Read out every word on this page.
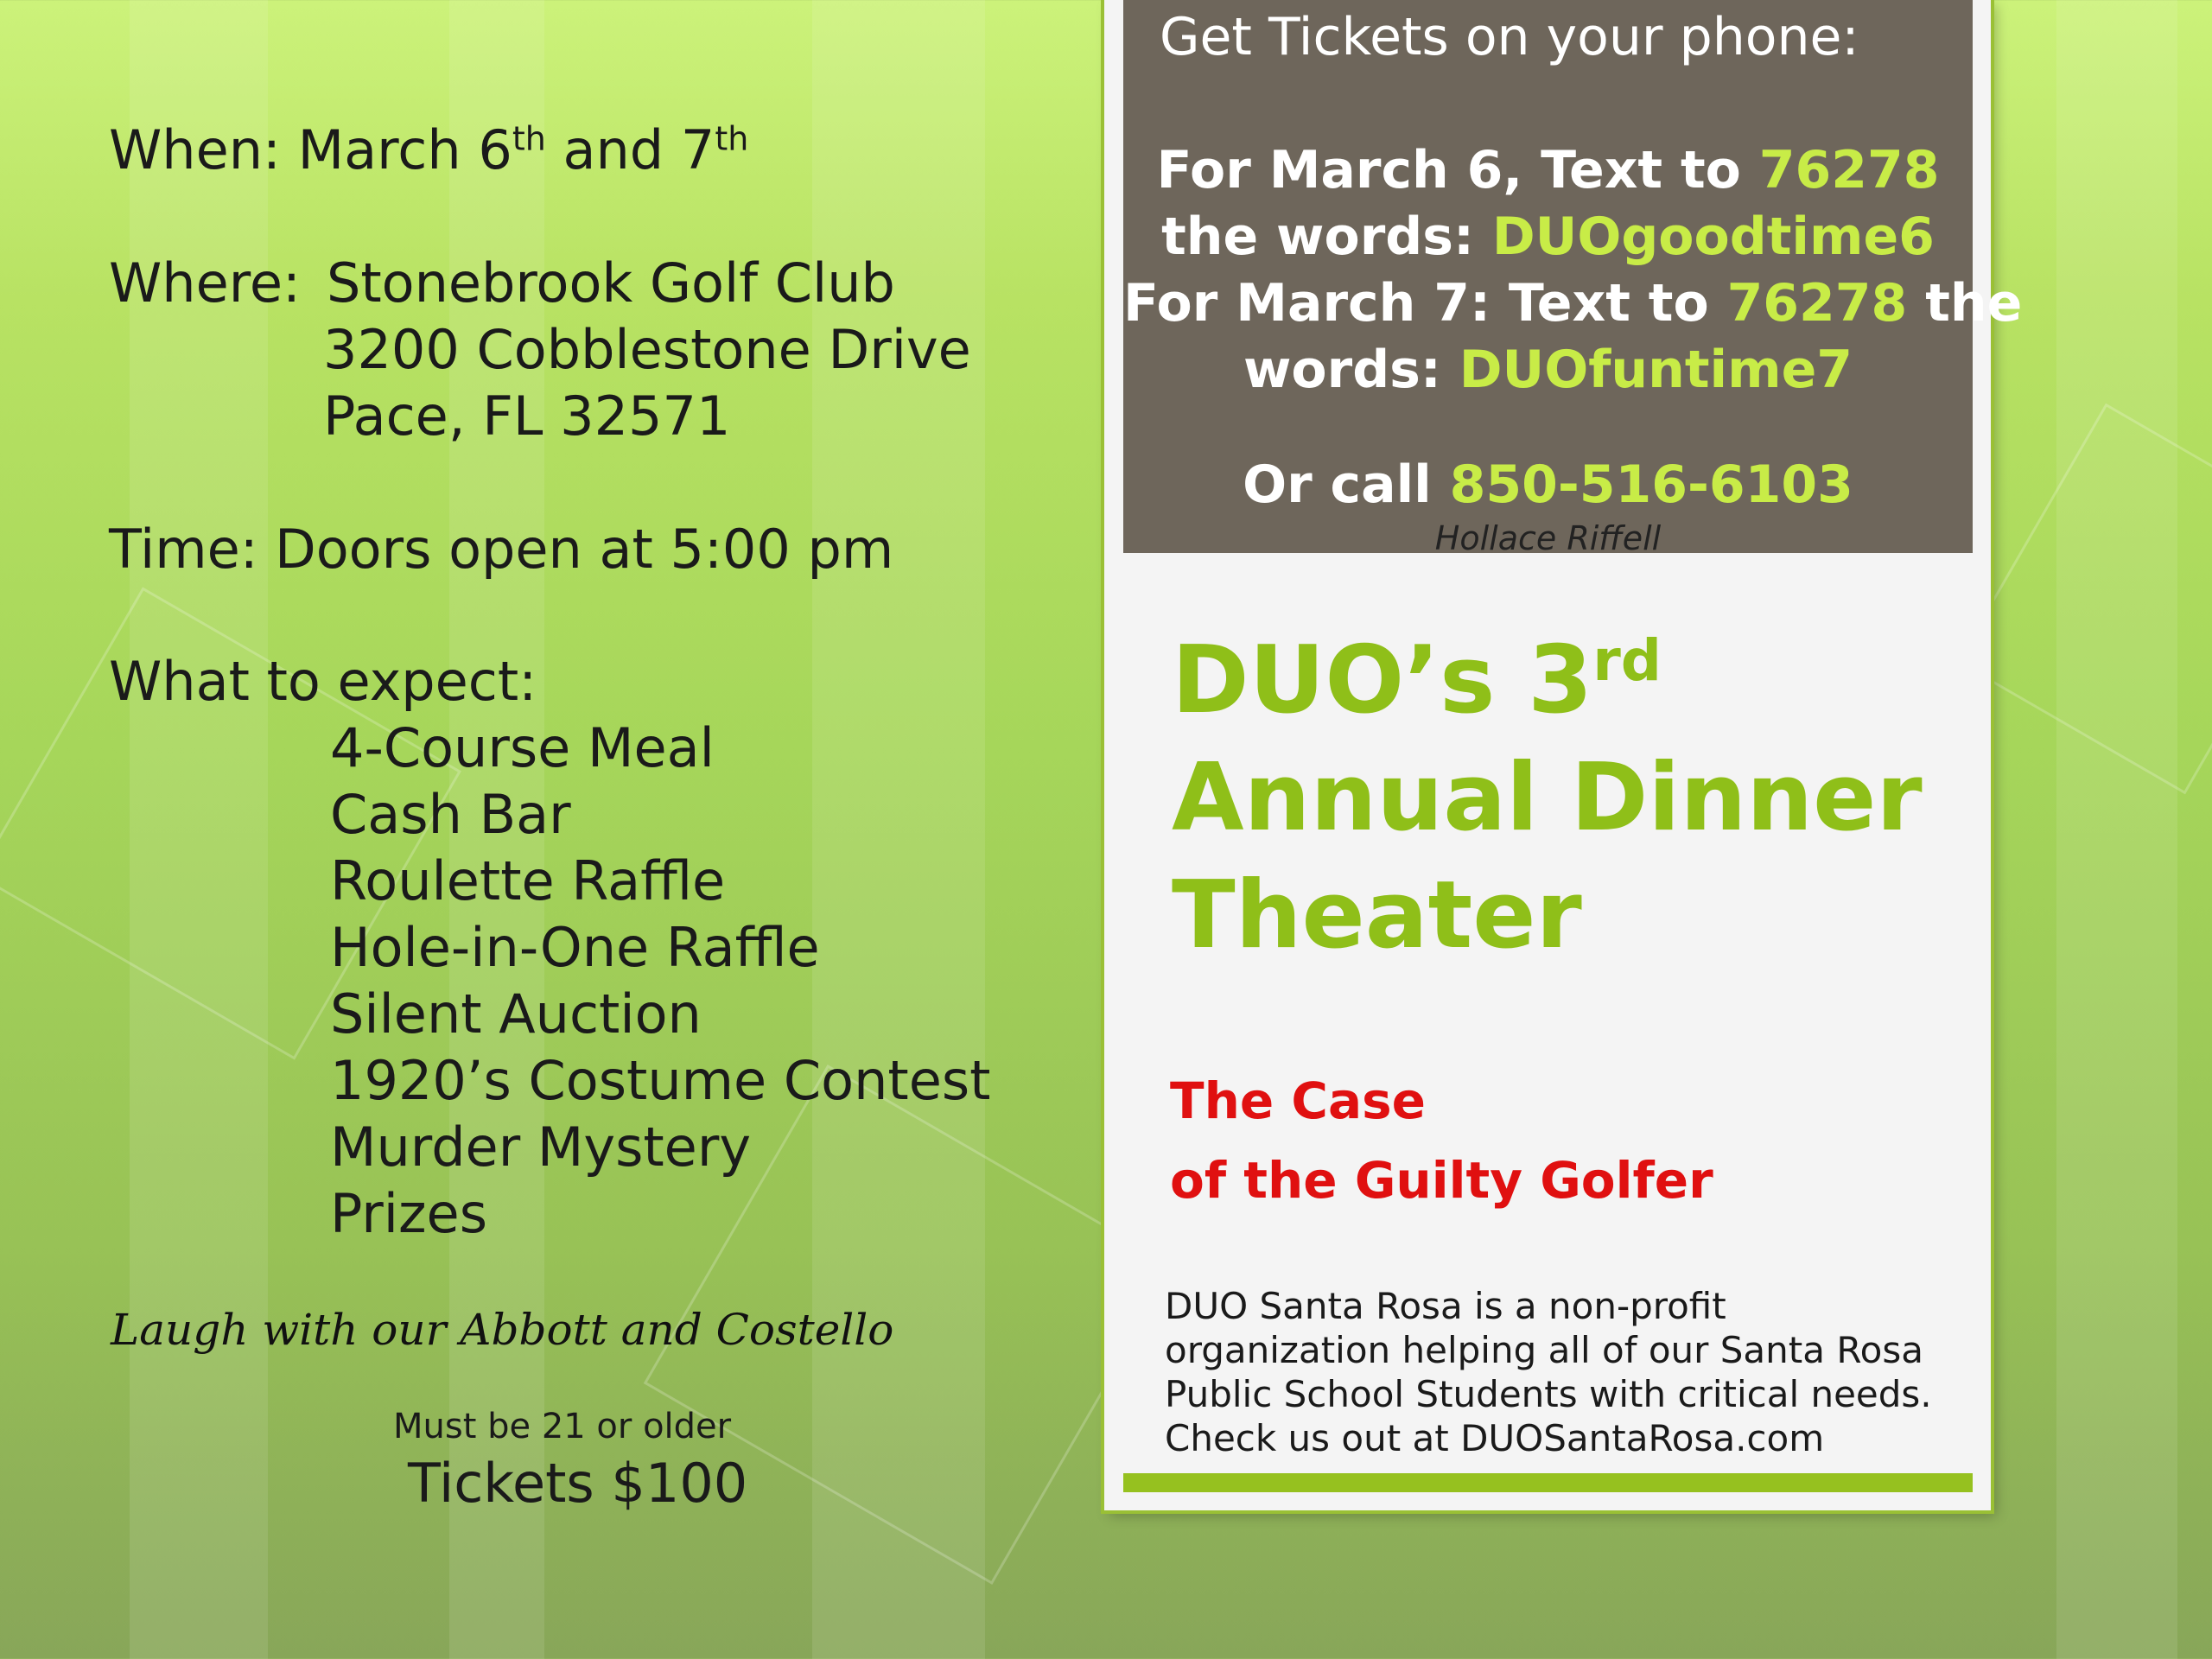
When: March 6th and 7th
Where: Stonebrook Golf Club
3200 Cobblestone Drive
Pace, FL 32571
Time: Doors open at 5:00 pm
What to expect:
4-Course Meal
Cash Bar
Roulette Raffle
Hole-in-One Raffle
Silent Auction
1920’s Costume Contest
Murder Mystery
Prizes
Laugh with our Abbott and Costello
Must be 21 or older
Tickets $100
Get Tickets on your phone:
For March 6, Text to 76278
the words: DUOgoodtime6
For March 7: Text to 76278 the
words: DUOfuntime7
Or call 850-516-6103
Hollace Riffell
DUO’s 3rd
Annual Dinner
Theater
The Case
of the Guilty Golfer
DUO Santa Rosa is a non-profit
organization helping all of our Santa Rosa
Public School Students with critical needs.
Check us out at DUOSantaRosa.com
